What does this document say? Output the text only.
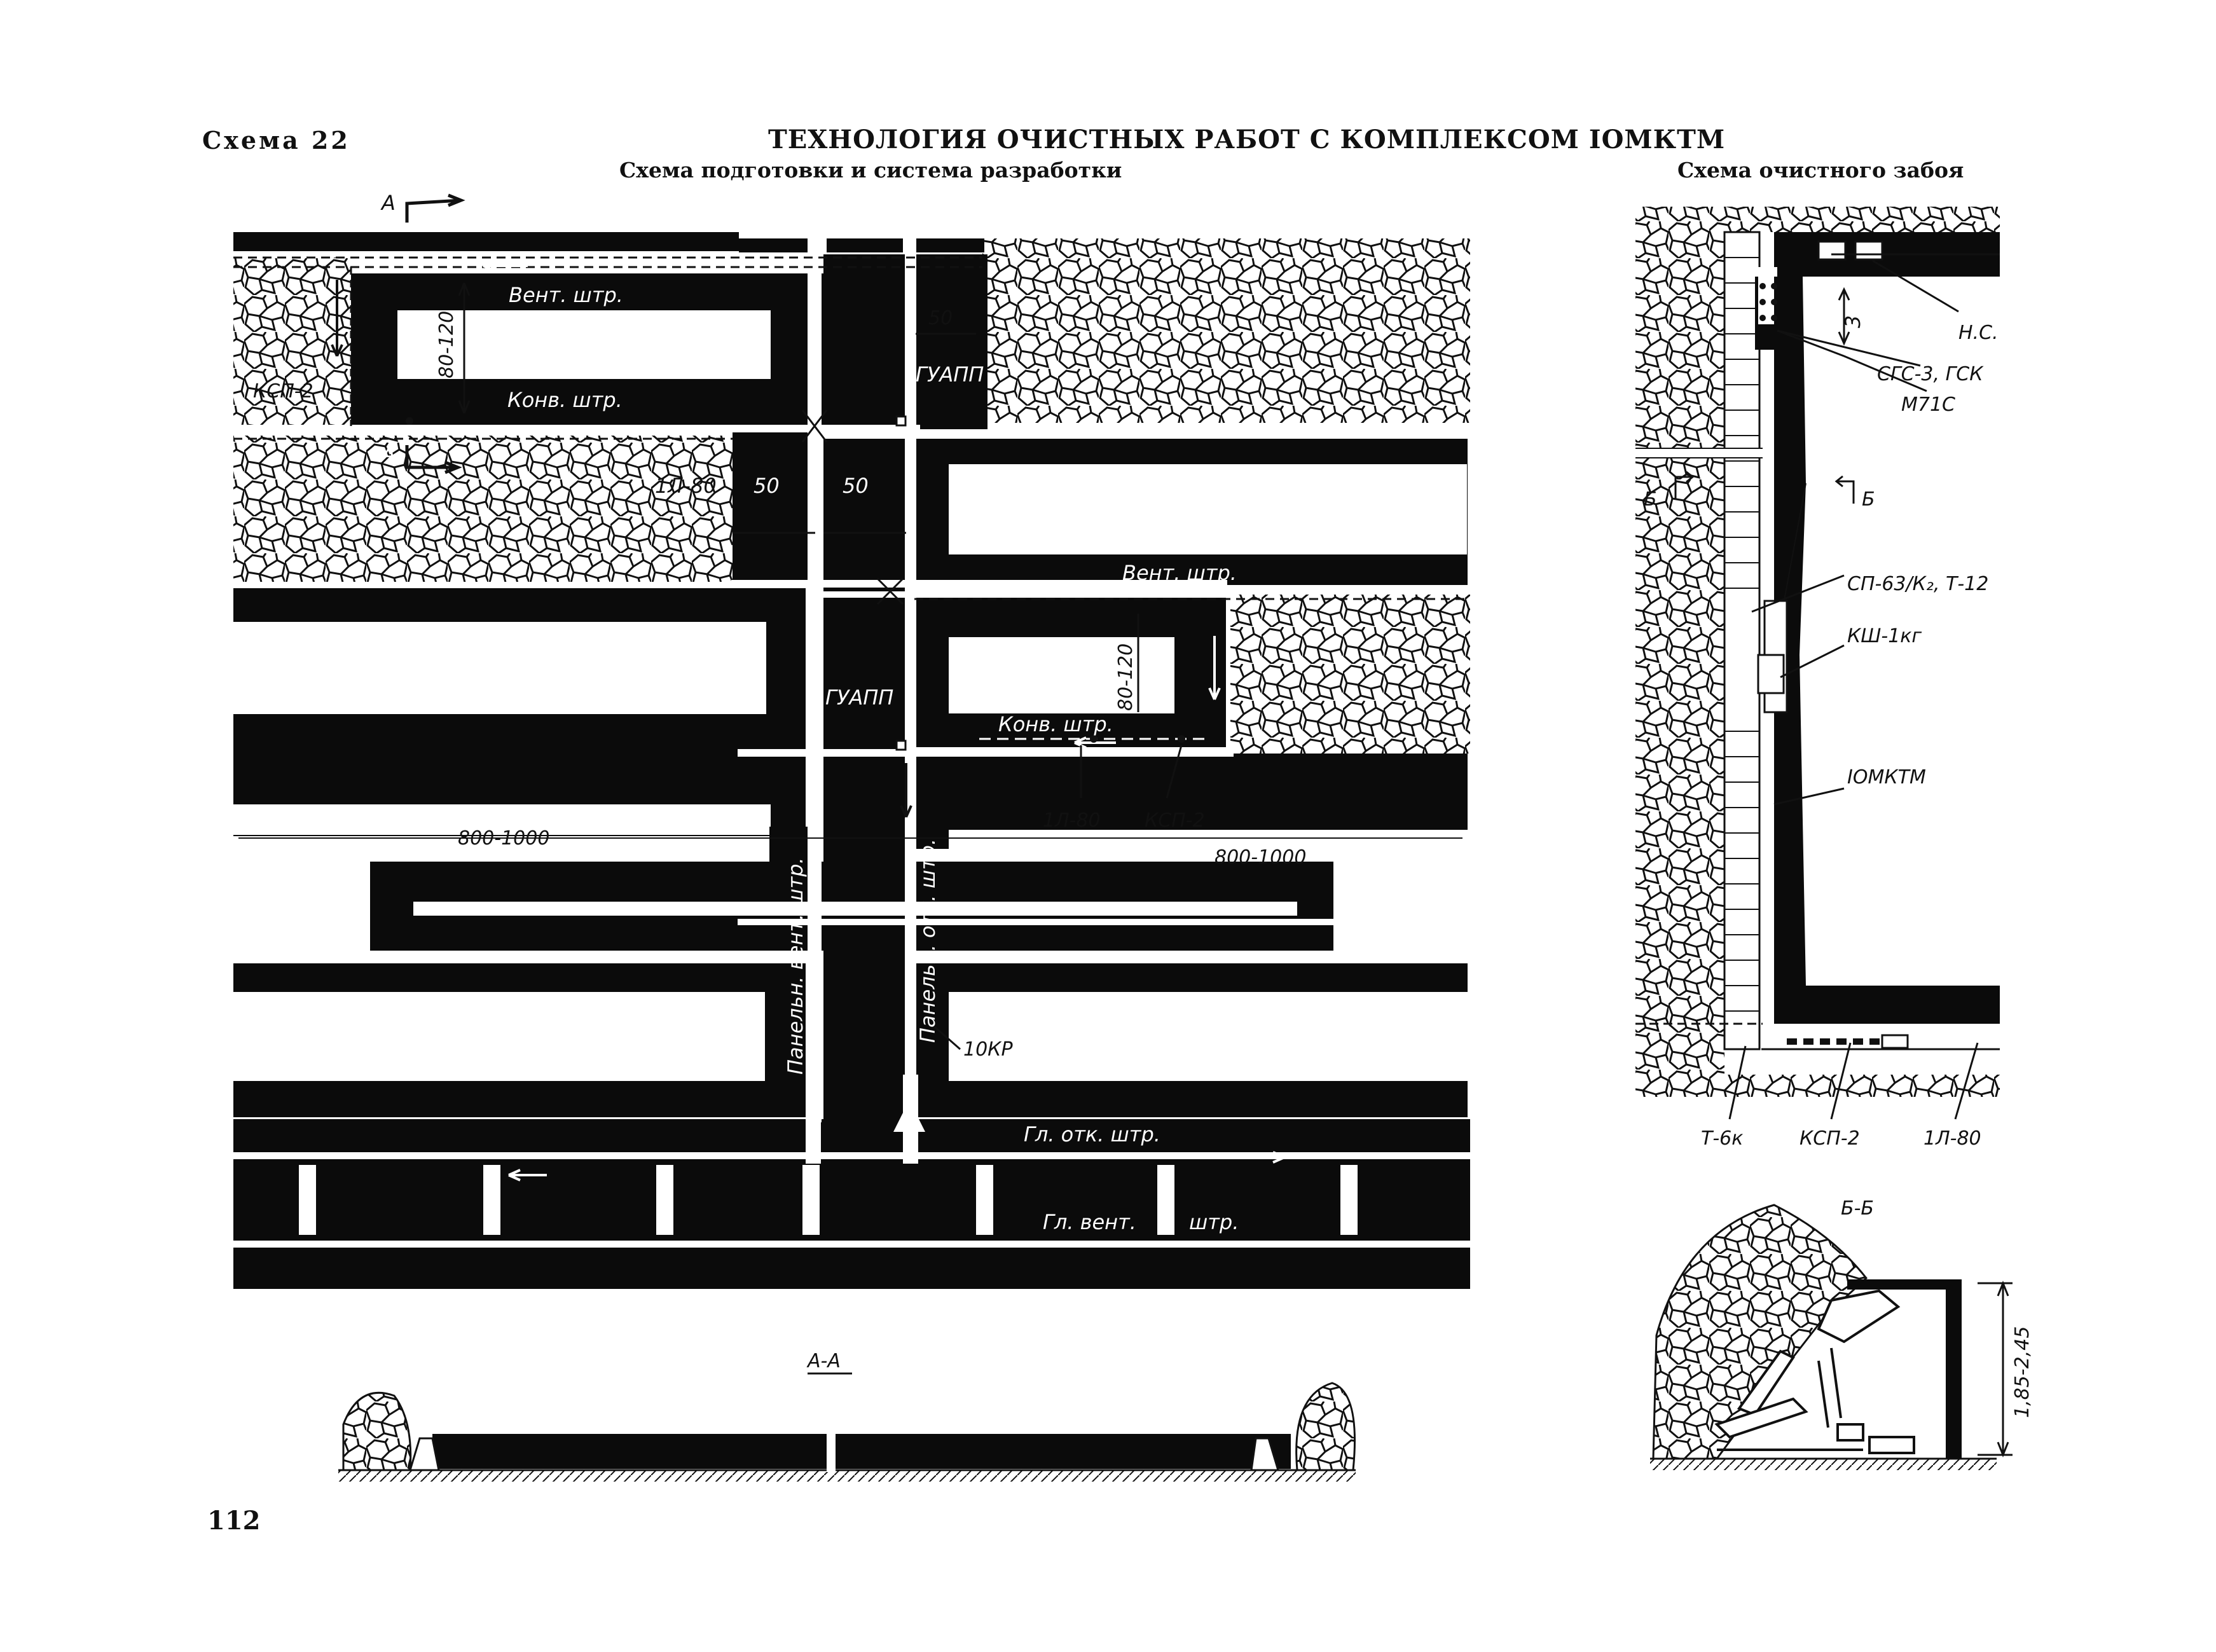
Схема 22	ТЕХНОЛОГИЯ ОЧИСТНЫХ РАБОТ С КОМПЛЕКСОМ IОМКТМ
Схема подготовки и система разработки	Схема очистного забоя
112
А
А
Вент. штр.
Конв. штр.
КСП-2
80-120	50
ГУАПП
1Л-80 50	50
Вент. штр.
80-120
ГУАПП
Конв. штр.
1Л-80 КСП-2
Панельн. вент. штр.	Панельн. отк. штр.
800-1000
800-1000
10КР
Гл. отк. штр.
Гл. вент.	штр.
А-А
3
Н.С.
СГС-3, ГСК
М71С
Б	Б
СП-63/К₂, Т-12
КШ-1кг
IОМКТМ
Т-6к	КСП-2	1Л-80
Б-Б
1,85-2,45
